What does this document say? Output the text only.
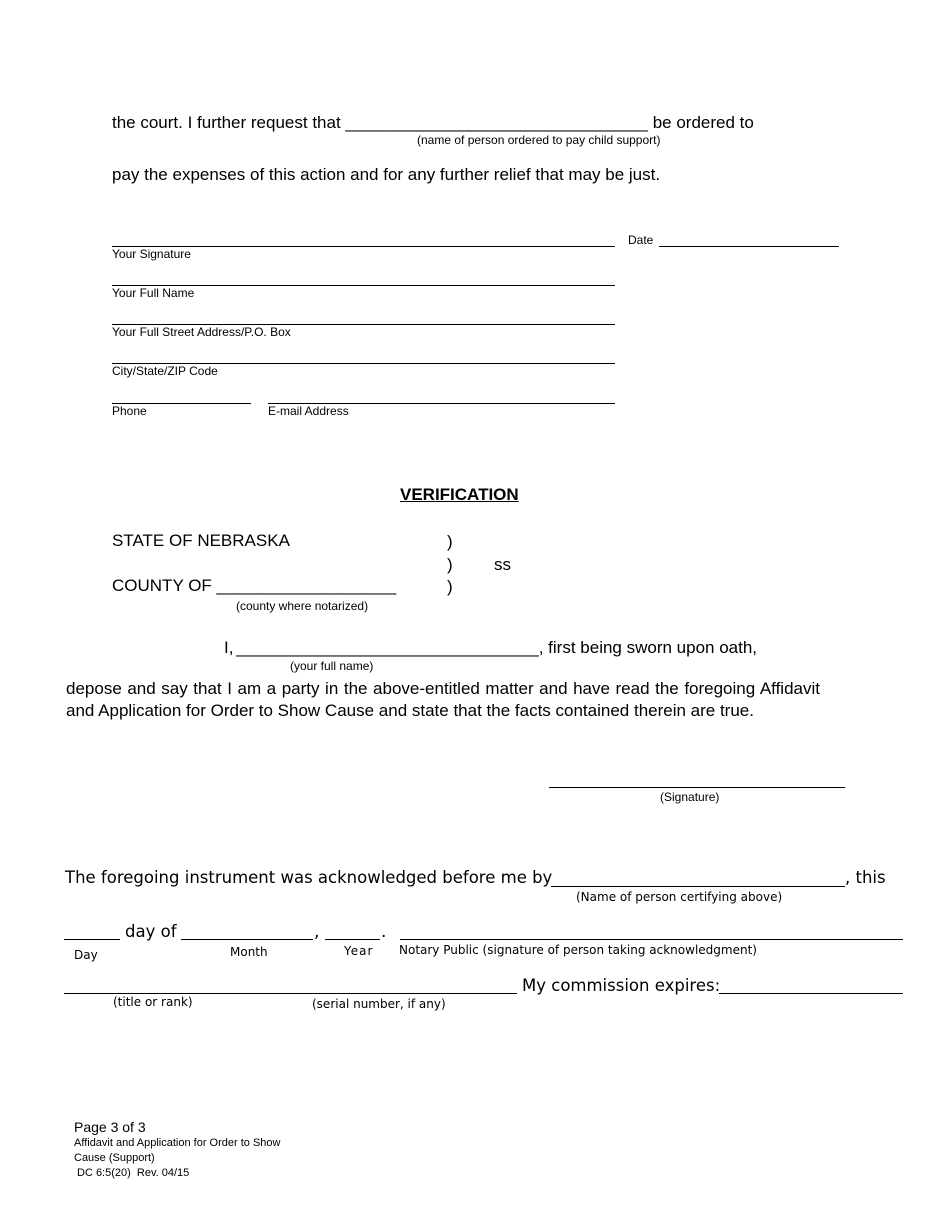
the court. I further request that ________________________________ be ordered to
(name of person ordered to pay child support)
pay the expenses of this action and for any further relief that may be just.
Your Signature
Date
Your Full Name
Your Full Street Address/P.O. Box
City/State/ZIP Code
Phone	E-mail Address
VERIFICATION
STATE OF NEBRASKA	)
) ss
COUNTY OF ___________________	)
(county where notarized)
I, ________________________________, first being sworn upon oath,
(your full name)
depose and say that I am a party in the above-entitled matter and have read the foregoing Affidavit and Application for Order to Show Cause and state that the facts contained therein are true.
(Signature)
The foregoing instrument was acknowledged before me by	, this
(Name of person certifying above)
day of	,	.
Day	Month	Year Notary Public (signature of person taking acknowledgment)
My commission expires:
(title or rank)	(serial number, if any)
Page 3 of 3
Affidavit and Application for Order to Show
Cause (Support)
DC 6:5(20)  Rev. 04/15
